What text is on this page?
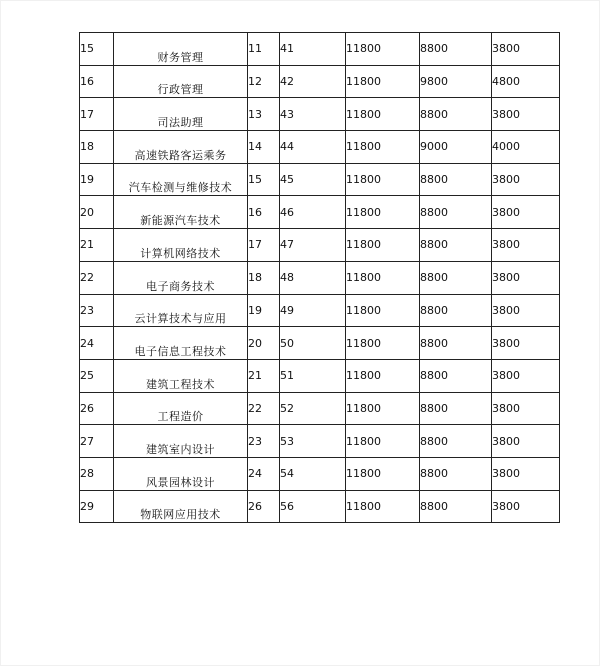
15	财务管理	11	41	11800	8800	3800
16	行政管理	12	42	11800	9800	4800
17	司法助理	13	43	11800	8800	3800
18	高速铁路客运乘务	14	44	11800	9000	4000
19	汽车检测与维修技术	15	45	11800	8800	3800
20	新能源汽车技术	16	46	11800	8800	3800
21	计算机网络技术	17	47	11800	8800	3800
22	电子商务技术	18	48	11800	8800	3800
23	云计算技术与应用	19	49	11800	8800	3800
24	电子信息工程技术	20	50	11800	8800	3800
25	建筑工程技术	21	51	11800	8800	3800
26	工程造价	22	52	11800	8800	3800
27	建筑室内设计	23	53	11800	8800	3800
28	风景园林设计	24	54	11800	8800	3800
29	物联网应用技术	26	56	11800	8800	3800
